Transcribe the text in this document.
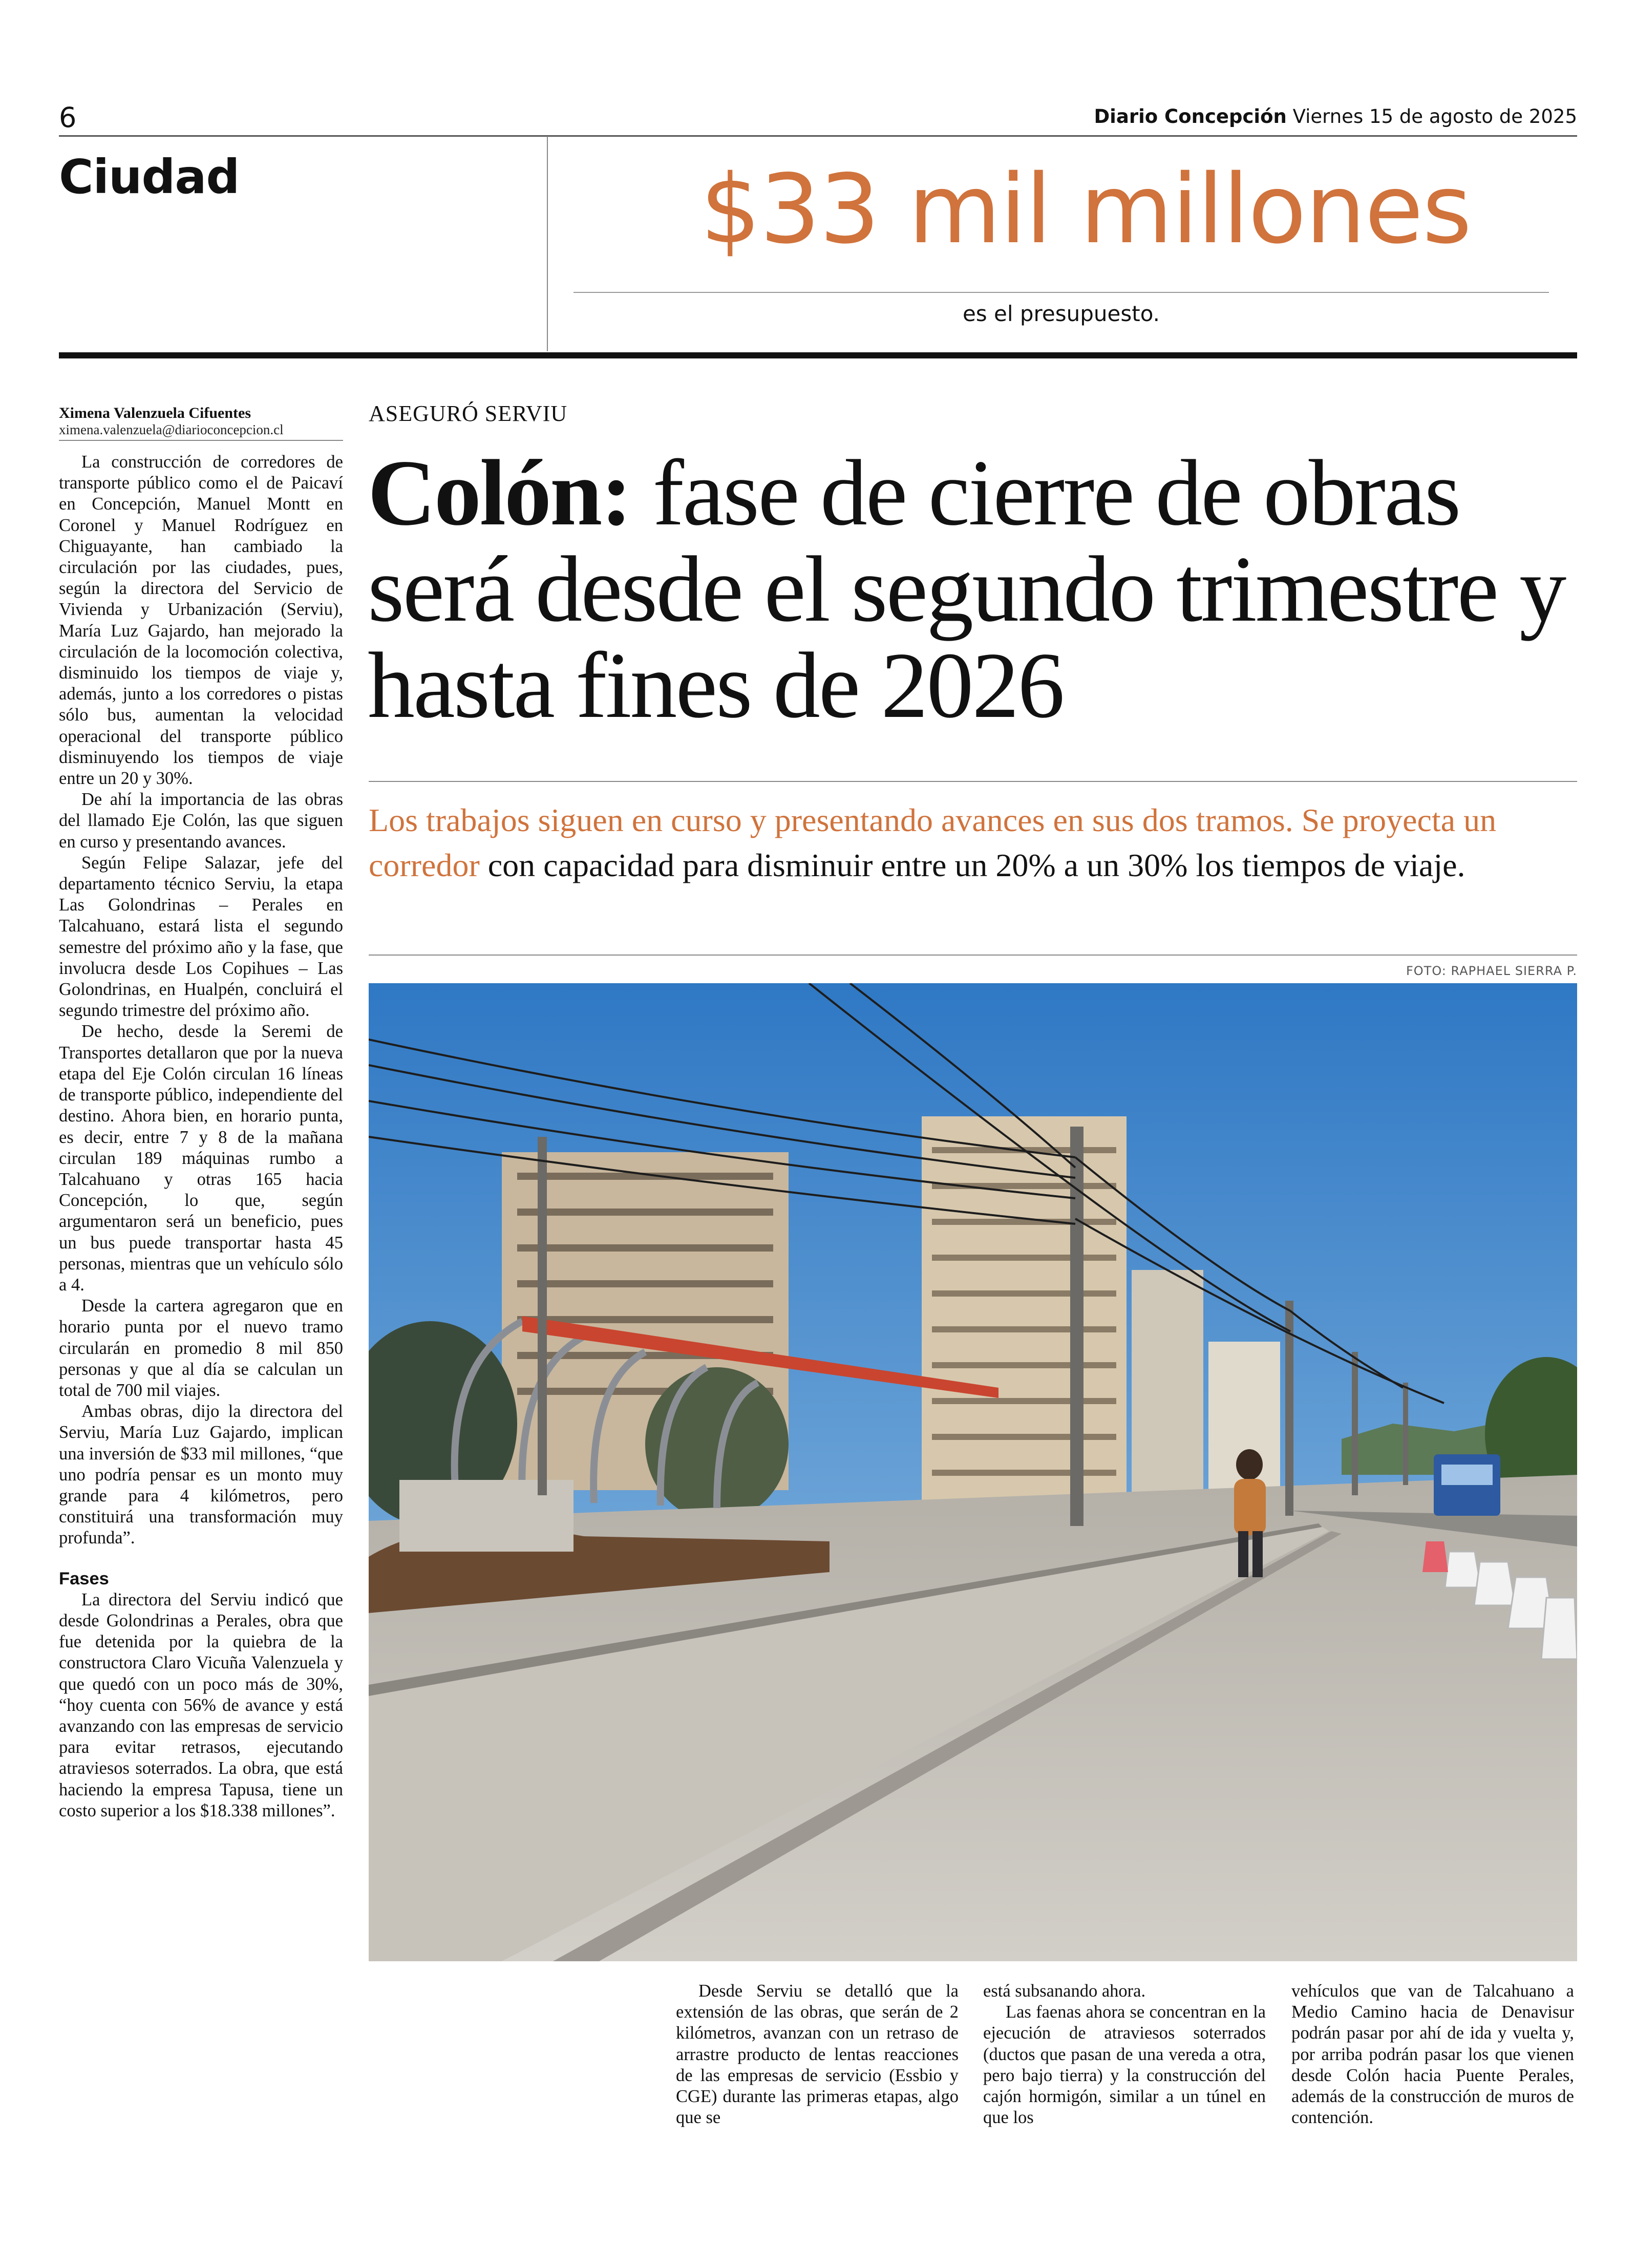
6	Diario Concepción Viernes 15 de agosto de 2025
Ciudad	$33 mil millones
es el presupuesto.
Ximena Valenzuela Cifuentes
ximena.valenzuela@diarioconcepcion.cl

La construcción de corredores de transporte público como el de Paicaví en Concepción, Manuel Montt en Coronel y Manuel Rodríguez en Chiguayante, han cambiado la circulación por las ciudades, pues, según la directora del Servicio de Vivienda y Urbanización (Serviu), María Luz Gajardo, han mejorado la circulación de la locomoción colectiva, disminuido los tiempos de viaje y, además, junto a los corredores o pistas sólo bus, aumentan la velocidad operacional del transporte público disminuyendo los tiempos de viaje entre un 20 y 30%.

De ahí la importancia de las obras del llamado Eje Colón, las que siguen en curso y presentando avances.

Según Felipe Salazar, jefe del departamento técnico Serviu, la etapa Las Golondrinas – Perales en Talcahuano, estará lista el segundo semestre del próximo año y la fase, que involucra desde Los Copihues – Las Golondrinas, en Hualpén, concluirá el segundo trimestre del próximo año.

De hecho, desde la Seremi de Transportes detallaron que por la nueva etapa del Eje Colón circulan 16 líneas de transporte público, independiente del destino. Ahora bien, en horario punta, es decir, entre 7 y 8 de la mañana circulan 189 máquinas rumbo a Talcahuano y otras 165 hacia Concepción, lo que, según argumentaron será un beneficio, pues un bus puede transportar hasta 45 personas, mientras que un vehículo sólo a 4.

Desde la cartera agregaron que en horario punta por el nuevo tramo circularán en promedio 8 mil 850 personas y que al día se calculan un total de 700 mil viajes.

Ambas obras, dijo la directora del Serviu, María Luz Gajardo, implican una inversión de $33 mil millones, “que uno podría pensar es un monto muy grande para 4 kilómetros, pero constituirá una transformación muy profunda”.

Fases

La directora del Serviu indicó que desde Golondrinas a Perales, obra que fue detenida por la quiebra de la constructora Claro Vicuña Valenzuela y que quedó con un poco más de 30%, “hoy cuenta con 56% de avance y está avanzando con las empresas de servicio para evitar retrasos, ejecutando atraviesos soterrados. La obra, que está haciendo la empresa Tapusa, tiene un costo superior a los $18.338 millones”.

ASEGURÓ SERVIU
Colón: fase de cierre de obras será desde el segundo trimestre y hasta fines de 2026
Los trabajos siguen en curso y presentando avances en sus dos tramos. Se proyecta un corredor con capacidad para disminuir entre un 20% a un 30% los tiempos de viaje.
FOTO: RAPHAEL SIERRA P.

Desde Serviu se detalló que la extensión de las obras, que serán de 2 kilómetros, avanzan con un retraso de arrastre producto de lentas reacciones de las empresas de servicio (Essbio y CGE) durante las primeras etapas, algo que se

está subsanando ahora.

Las faenas ahora se concentran en la ejecución de atraviesos soterrados (ductos que pasan de una vereda a otra, pero bajo tierra) y la construcción del cajón hormigón, similar a un túnel en que los

vehículos que van de Talcahuano a Medio Camino hacia de Denavisur podrán pasar por ahí de ida y vuelta y, por arriba podrán pasar los que vienen desde Colón hacia Puente Perales, además de la construcción de muros de contención.
